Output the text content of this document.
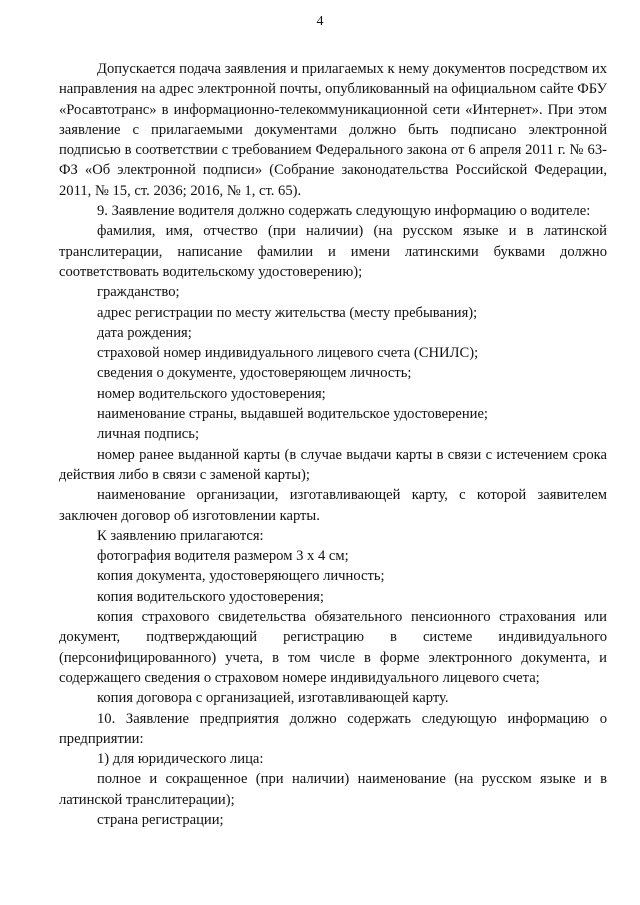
4

Допускается подача заявления и прилагаемых к нему документов посредством их направления на адрес электронной почты, опубликованный на официальном сайте ФБУ «Росавтотранс» в информационно-телекоммуникационной сети «Интернет». При этом заявление с прилагаемыми документами должно быть подписано электронной подписью в соответствии с требованием Федерального закона от 6 апреля 2011 г. № 63-ФЗ «Об электронной подписи» (Собрание законодательства Российской Федерации, 2011, № 15, ст. 2036; 2016, № 1, ст. 65).

9. Заявление водителя должно содержать следующую информацию о водителе:

фамилия, имя, отчество (при наличии) (на русском языке и в латинской транслитерации, написание фамилии и имени латинскими буквами должно соответствовать водительскому удостоверению);

гражданство;

адрес регистрации по месту жительства (месту пребывания);

дата рождения;

страховой номер индивидуального лицевого счета (СНИЛС);

сведения о документе, удостоверяющем личность;

номер водительского удостоверения;

наименование страны, выдавшей водительское удостоверение;

личная подпись;

номер ранее выданной карты (в случае выдачи карты в связи с истечением срока действия либо в связи с заменой карты);

наименование организации, изготавливающей карту, с которой заявителем заключен договор об изготовлении карты.

К заявлению прилагаются:

фотография водителя размером 3 х 4 см;

копия документа, удостоверяющего личность;

копия водительского удостоверения;

копия страхового свидетельства обязательного пенсионного страхования или документ, подтверждающий регистрацию в системе индивидуального (персонифицированного) учета, в том числе в форме электронного документа, и содержащего сведения о страховом номере индивидуального лицевого счета;

копия договора с организацией, изготавливающей карту.

10. Заявление предприятия должно содержать следующую информацию о предприятии:

1) для юридического лица:

полное и сокращенное (при наличии) наименование (на русском языке и в латинской транслитерации);

страна регистрации;
